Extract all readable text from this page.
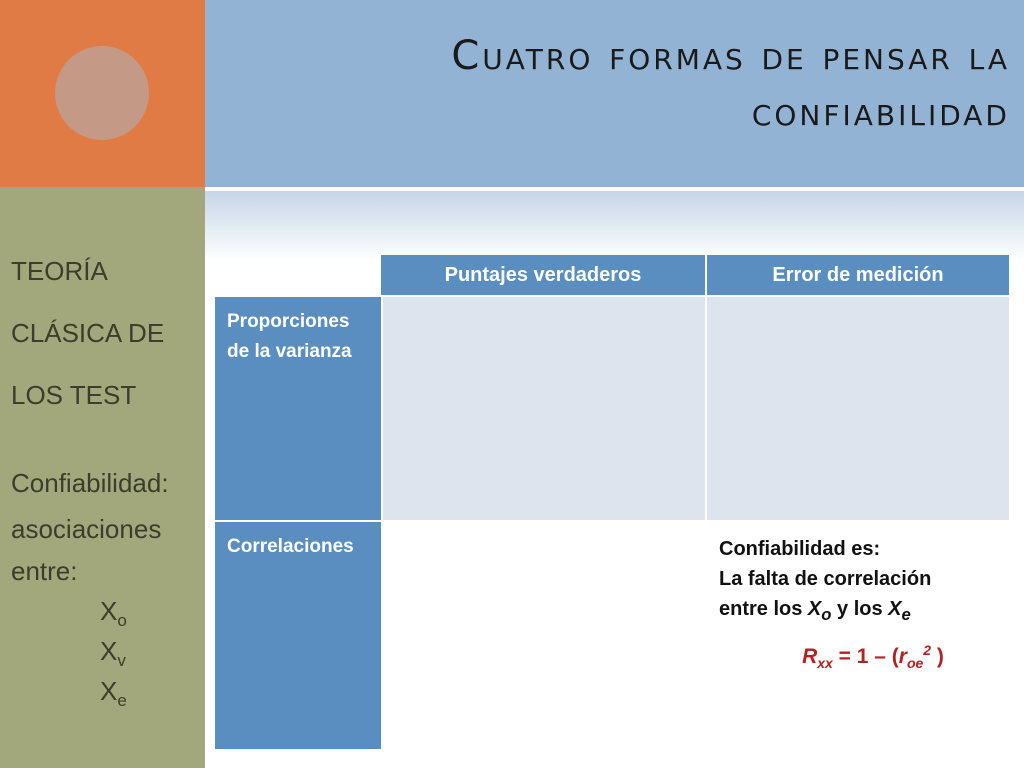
Cuatro formas de pensar la
confiabilidad
TEORÍA
CLÁSICA DE
LOS TEST
Confiabilidad:
asociaciones
entre:
$X_o$
$X_v$
$X_e$
Puntajes verdaderos	Error de medición
Proporciones de la varianza
Correlaciones	Confiabilidad es:
La falta de correlación
entre los $X_o$ y los $X_e$
$R_{xx} = 1 - (r_{oe}^2$ )
